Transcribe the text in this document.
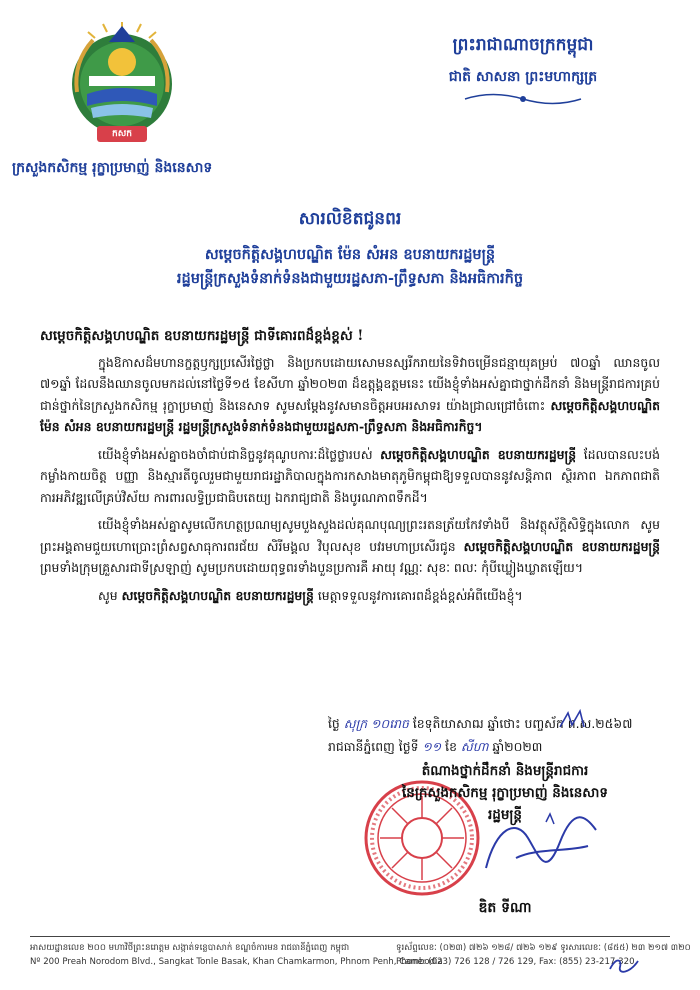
កសក
ក្រសួងកសិកម្ម រុក្ខាប្រមាញ់ និងនេសាទ
ព្រះរាជាណាចក្រកម្ពុជា
ជាតិ សាសនា ព្រះមហាក្សត្រ
សារលិខិតជូនពរ
សម្តេចកិត្តិសង្គហបណ្ឌិត ម៉ែន សំអន ឧបនាយករដ្ឋមន្ត្រី
រដ្ឋមន្ត្រីក្រសួងទំនាក់ទំនងជាមួយរដ្ឋសភា-ព្រឹទ្ធសភា និងអធិការកិច្ច
សម្តេចកិត្តិសង្គហបណ្ឌិត ឧបនាយករដ្ឋមន្ត្រី ជាទីគោរពដ៏ខ្ពង់ខ្ពស់ !

ក្នុងឱកាសដ៏មហានក្ខត្តឫក្សប្រសើរថ្លៃថ្លា និងប្រកបដោយសោមនស្សរីករាយនៃទិវាចម្រើនជន្មាយុគម្រប់ ៧០ឆ្នាំ ឈានចូល ៧១ឆ្នាំ ដែលនឹងឈានចូលមកដល់នៅថ្ងៃទី១៥ ខែសីហា ឆ្នាំ២០២៣ ដ៏ឧត្តុង្គឧត្តមនេះ យើងខ្ញុំទាំងអស់គ្នាជាថ្នាក់ដឹកនាំ និងមន្ត្រីរាជការគ្រប់ជាន់ថ្នាក់នៃក្រសួងកសិកម្ម រុក្ខាប្រមាញ់ និងនេសាទ សូមសម្តែងនូវសមានចិត្តអបអរសាទរ យ៉ាងជ្រាលជ្រៅចំពោះ សម្តេចកិត្តិសង្គហបណ្ឌិត ម៉ែន សំអន ឧបនាយករដ្ឋមន្ត្រី រដ្ឋមន្ត្រីក្រសួងទំនាក់ទំនងជាមួយរដ្ឋសភា-ព្រឹទ្ធសភា និងអធិការកិច្ច។

យើងខ្ញុំទាំងអស់គ្នាចងចាំជាប់ជានិច្ចនូវគុណូបការៈដ៏ថ្លៃថ្លារបស់ សម្តេចកិត្តិសង្គហបណ្ឌិត ឧបនាយករដ្ឋមន្ត្រី ដែលបានលះបង់កម្លាំងកាយចិត្ត បញ្ញា និងស្មារតីចូលរួមជាមួយរាជរដ្ឋាភិបាលក្នុងការកសាងមាតុភូមិកម្ពុជាឱ្យទទួលបាននូវសន្តិភាព ស្ថិរភាព ឯកភាពជាតិ ការអភិវឌ្ឍលើគ្រប់វិស័យ ការពារលទ្ធិប្រជាធិបតេយ្យ ឯករាជ្យជាតិ និងបូរណភាពទឹកដី។

យើងខ្ញុំទាំងអស់គ្នាសូមលើកហត្ថប្រណម្យសូមបួងសួងដល់គុណបុណ្យព្រះរតនត្រ័យកែវទាំងបី និងវត្ថុស័ក្តិសិទ្ធិក្នុងលោក សូមព្រះអង្គតាមជួយហោប្រោះព្រំសព្វសាធុការពរជ័យ សិរីមង្គល វិបុលសុខ បវរមហាប្រសើរជូន សម្តេចកិត្តិសង្គហបណ្ឌិត ឧបនាយករដ្ឋមន្ត្រី ព្រមទាំងក្រុមគ្រួសារជាទីស្រឡាញ់ សូមប្រកបដោយពុទ្ធពរទាំងបួនប្រការគឺ អាយុ វណ្ណៈ សុខៈ ពលៈ កុំបីឃ្លៀងឃ្លាតឡើយ។

សូម សម្តេចកិត្តិសង្គហបណ្ឌិត ឧបនាយករដ្ឋមន្ត្រី មេត្តាទទួលនូវការគោរពដ៏ខ្ពង់ខ្ពស់អំពីយើងខ្ញុំ។

ថ្ងៃ សុក្រ ១០រោច ខែទុតិយាសាឍ ឆ្នាំថោះ បញ្ចស័ក ព.ស.២៥៦៧
រាជធានីភ្នំពេញ ថ្ងៃទី ១១ ខែ សីហា ឆ្នាំ២០២៣
តំណាងថ្នាក់ដឹកនាំ និងមន្ត្រីរាជការ
នៃក្រសួងកសិកម្ម រុក្ខាប្រមាញ់ និងនេសាទ
រដ្ឋមន្ត្រី
ឌិត ទីណា
អាសយដ្ឋានលេខ ២០០ មហាវិថីព្រះនរោត្តម សង្កាត់ទន្លេបាសាក់ ខណ្ឌចំការមន រាជធានីភ្នំពេញ កម្ពុជា
Nº 200 Preah Norodom Blvd., Sangkat Tonle Basak, Khan Chamkarmon, Phnom Penh, Cambodia
ទូរស័ព្ទលេខៈ (០២៣) ៧២៦ ១២៨/ ៧២៦ ១២៩ ទូរសារលេខៈ (៨៥៥) ២៣ ២១៧ ៣២០
Phone: (023) 726 128 / 726 129, Fax: (855) 23-217 320
